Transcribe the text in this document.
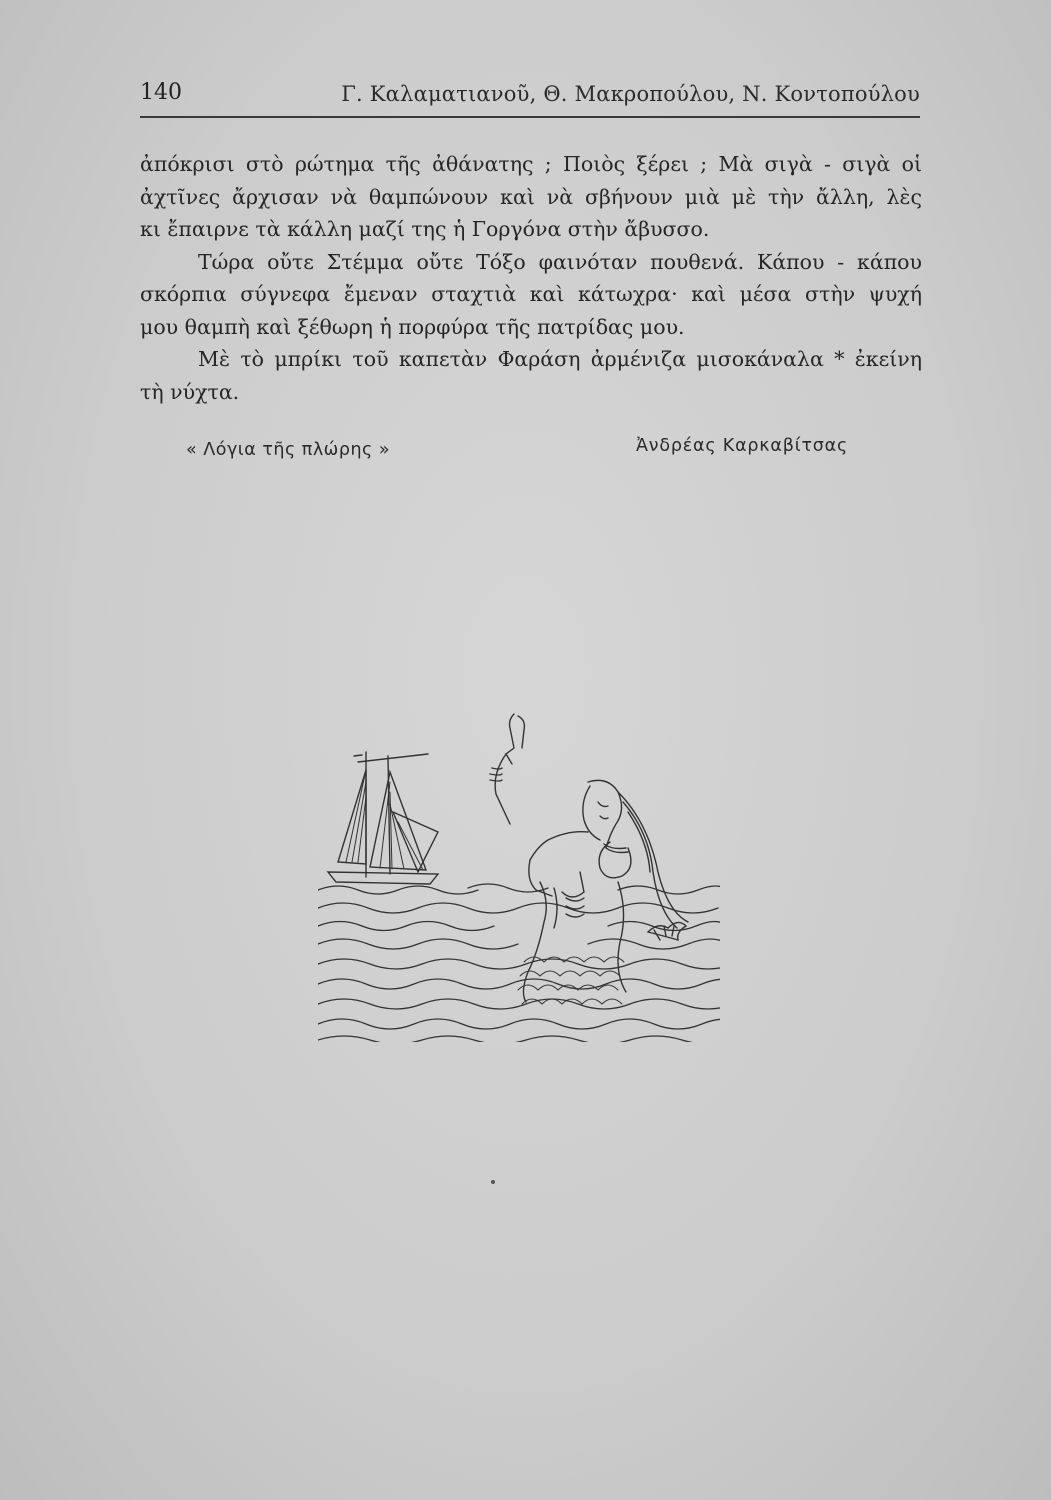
140	Γ. Καλαματιανοῦ, Θ. Μακροπούλου, Ν. Κοντοπούλου

ἀπόκρισι στὸ ρώτημα τῆς ἀθάνατης ; Ποιὸς ξέρει ; Μὰ σιγὰ - σιγὰ οἱ

ἀχτῖνες ἄρχισαν νὰ θαμπώνουν καὶ νὰ σβήνουν μιὰ μὲ τὴν ἄλλη, λὲς

κι ἔπαιρνε τὰ κάλλη μαζί της ἡ Γοργόνα στὴν ἄβυσσο.

Τώρα οὔτε Στέμμα οὔτε Τόξο φαινόταν πουθενά. Κάπου - κάπου

σκόρπια σύγνεφα ἔμεναν σταχτιὰ καὶ κάτωχρα· καὶ μέσα στὴν ψυχή

μου θαμπὴ καὶ ξέθωρη ἡ πορφύρα τῆς πατρίδας μου.

Μὲ τὸ μπρίκι τοῦ καπετὰν Φαράση ἀρμένιζα μισοκάναλα * ἐκείνη

τὴ νύχτα.

« Λόγια τῆς πλώρης »	Ἀνδρέας Καρκαβίτσας
